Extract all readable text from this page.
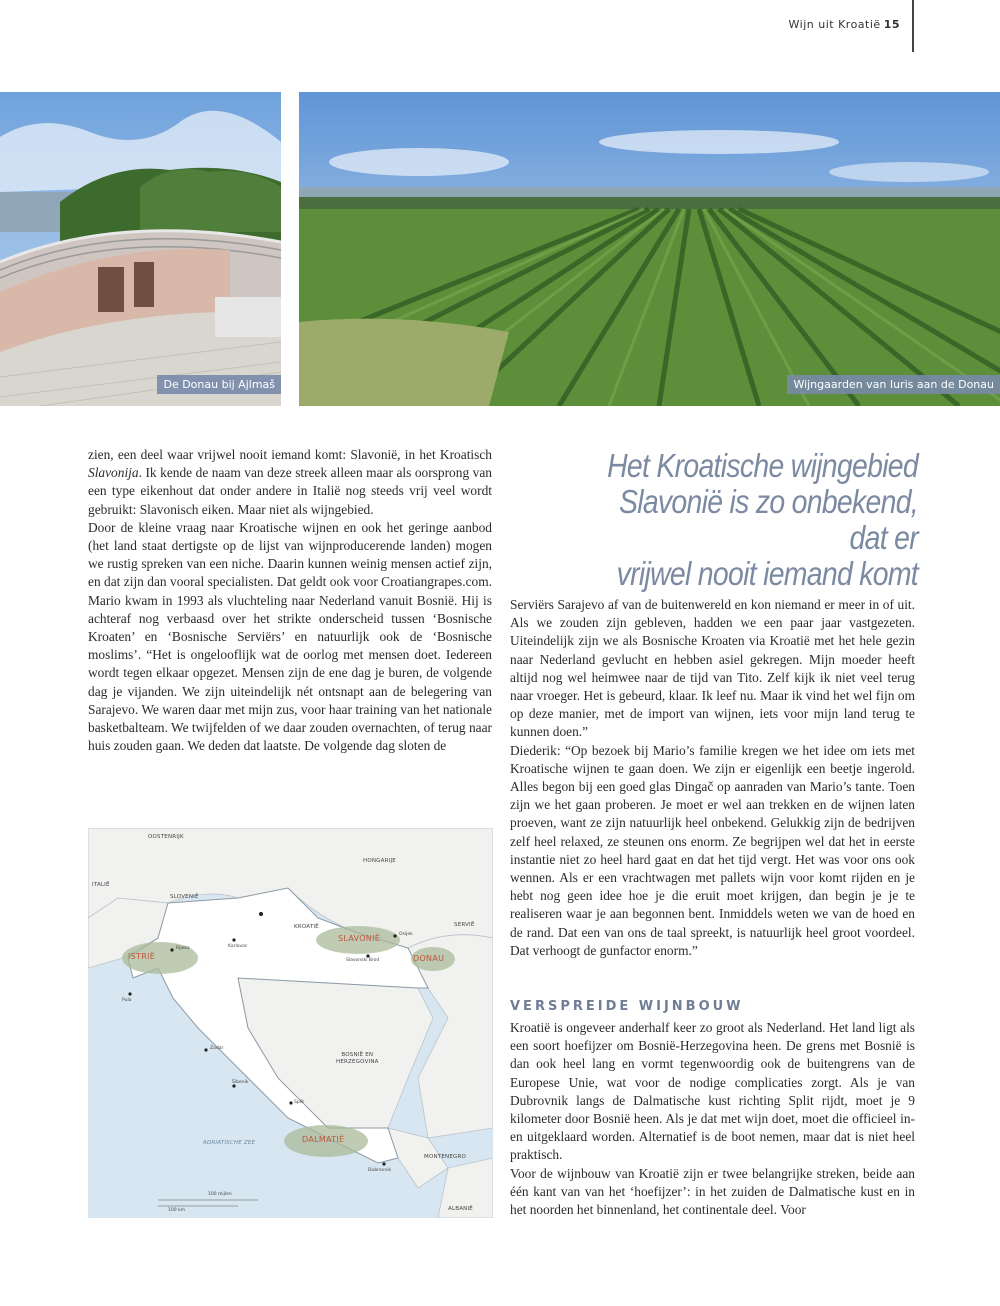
Wijn uit Kroatië 15
De Donau bij Ajlmaš	Wijngaarden van Iuris aan de Donau

zien, een deel waar vrijwel nooit iemand komt: Slavonië, in het Kroatisch Slavonija. Ik kende de naam van deze streek alleen maar als oorsprong van een type eikenhout dat onder andere in Italië nog steeds vrij veel wordt gebruikt: Slavonisch eiken. Maar niet als wijngebied.

Door de kleine vraag naar Kroatische wijnen en ook het geringe aanbod (het land staat dertigste op de lijst van wijnproducerende landen) mogen we rustig spreken van een niche. Daarin kunnen weinig mensen actief zijn, en dat zijn dan vooral specialisten. Dat geldt ook voor Croatiangrapes.com. Mario kwam in 1993 als vluchteling naar Nederland vanuit Bosnië. Hij is achteraf nog verbaasd over het strikte onderscheid tussen ‘Bosnische Kroaten’ en ‘Bosnische Serviërs’ en natuurlijk ook de ‘Bosnische moslims’. “Het is ongelooflijk wat de oorlog met mensen doet. Iedereen wordt tegen elkaar opgezet. Mensen zijn de ene dag je buren, de volgende dag je vijanden. We zijn uiteindelijk nét ontsnapt aan de belegering van Sarajevo. We waren daar met mijn zus, voor haar training van het nationale basketbalteam. We twijfelden of we daar zouden overnachten, of terug naar huis zouden gaan. We deden dat laatste. De volgende dag sloten de

Het Kroatische wijngebied
Slavonië is zo onbekend, dat er
vrijwel nooit iemand komt

Serviërs Sarajevo af van de buitenwereld en kon niemand er meer in of uit. Als we zouden zijn gebleven, hadden we een paar jaar vastgezeten. Uiteindelijk zijn we als Bosnische Kroaten via Kroatië met het hele gezin naar Nederland gevlucht en hebben asiel gekregen. Mijn moeder heeft altijd nog wel heimwee naar de tijd van Tito. Zelf kijk ik niet veel terug naar vroeger. Het is gebeurd, klaar. Ik leef nu. Maar ik vind het wel fijn om op deze manier, met de import van wijnen, iets voor mijn land terug te kunnen doen.”

Diederik: “Op bezoek bij Mario’s familie kregen we het idee om iets met Kroatische wijnen te gaan doen. We zijn er eigenlijk een beetje ingerold. Alles begon bij een goed glas Dingač op aanraden van Mario’s tante. Toen zijn we het gaan proberen. Je moet er wel aan trekken en de wijnen laten proeven, want ze zijn natuurlijk heel onbekend. Gelukkig zijn de bedrijven zelf heel relaxed, ze steunen ons enorm. Ze begrijpen wel dat het in eerste instantie niet zo heel hard gaat en dat het tijd vergt. Het was voor ons ook wennen. Als er een vrachtwagen met pallets wijn voor komt rijden en je hebt nog geen idee hoe je die eruit moet krijgen, dan begin je je te realiseren waar je aan begonnen bent. Inmiddels weten we van de hoed en de rand. Dat een van ons de taal spreekt, is natuurlijk heel groot voordeel. Dat verhoogt de gunfactor enorm.”

VERSPREIDE WIJNBOUW

Kroatië is ongeveer anderhalf keer zo groot als Nederland. Het land ligt als een soort hoefijzer om Bosnië-Herzegovina heen. De grens met Bosnië is dan ook heel lang en vormt tegenwoordig ook de buitengrens van de Europese Unie, wat voor de nodige complicaties zorgt. Als je van Dubrovnik langs de Dalmatische kust richting Split rijdt, moet je 9 kilometer door Bosnië heen. Als je dat met wijn doet, moet die officieel in- en uitgeklaard worden. Alternatief is de boot nemen, maar dat is niet heel praktisch.

Voor de wijnbouw van Kroatië zijn er twee belangrijke streken, beide aan één kant van van het ‘hoefijzer’: in het zuiden de Dalmatische kust en in het noorden het binnenland, het continentale deel. Voor

OOSTENRIJK
HONGARIJE
ITALIË
SLOVENIË
KROATIË	SERVIË
BOSNIË EN
HERZEGOVINA
MONTENEGRO
ALBANIË
ADRIATISCHE ZEE
ISTRIË
SLAVONIË
DONAU
DALMATIË
Rijeka	Karlovac
Pula
Osijek
Slavonski Brod
Zadar
Šibenik
Split
Dubrovnik
100 mijlen
100 km
